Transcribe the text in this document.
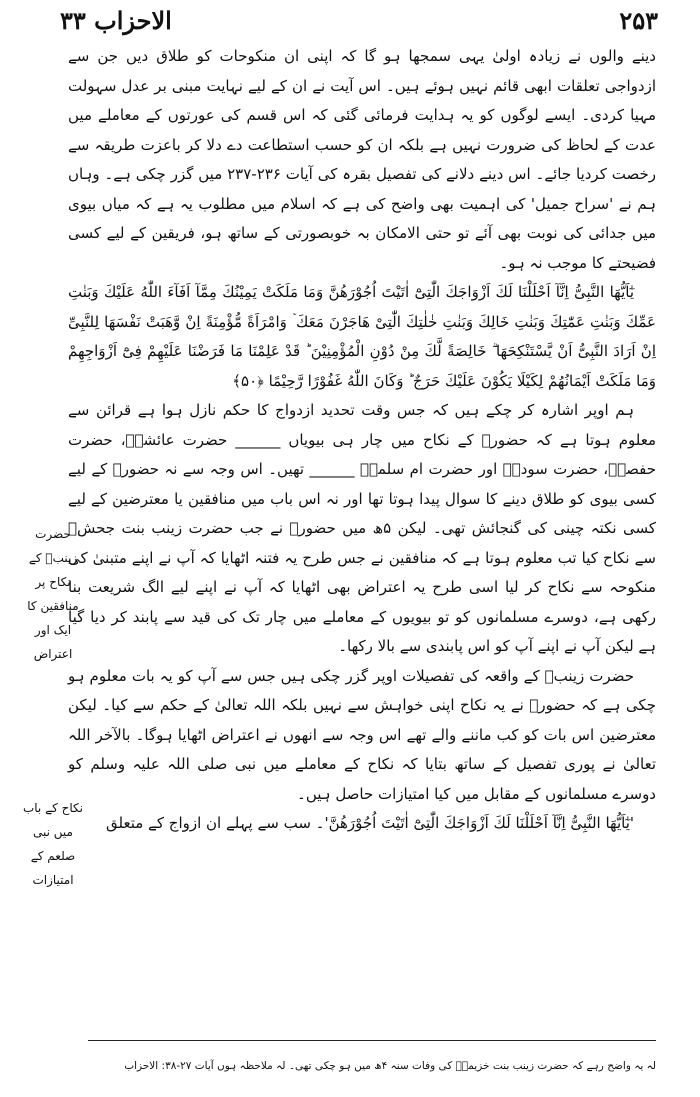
۲۵۳
الاحزاب ۳۳

دینے والوں نے زیادہ اولیٰ یہی سمجھا ہو گا کہ اپنی ان منکوحات کو طلاق دیں جن سے ازدواجی تعلقات ابھی قائم نہیں ہوئے ہیں۔ اس آیت نے ان کے لیے نہایت مبنی بر عدل سہولت مہیا کردی۔ ایسے لوگوں کو یہ ہدایت فرمائی گئی کہ اس قسم کی عورتوں کے معاملے میں عدت کے لحاظ کی ضرورت نہیں ہے بلکہ ان کو حسب استطاعت دے دلا کر باعزت طریقہ سے رخصت کردیا جائے۔ اس دینے دلانے کی تفصیل بقرہ کی آیات ۲۳۶-۲۳۷ میں گزر چکی ہے۔ وہاں ہم نے 'سراح جمیل' کی اہمیت بھی واضح کی ہے کہ اسلام میں مطلوب یہ ہے کہ میاں بیوی میں جدائی کی نوبت بھی آئے تو حتی الامکان بہ خوبصورتی کے ساتھ ہو، فریقین کے لیے کسی فضیحتے کا موجب نہ ہو۔

یٰٓاَیُّهَا النَّبِیُّ اِنَّآ اَحْلَلْنَا لَكَ اَزْوَاجَكَ الّٰتِیْٓ اٰتَیْتَ اُجُوْرَهُنَّ وَمَا مَلَكَتْ یَمِیْنُكَ مِمَّآ اَفَآءَ اللّٰهُ عَلَیْكَ وَبَنٰتِ عَمِّكَ وَبَنٰتِ عَمّٰتِكَ وَبَنٰتِ خَالِكَ وَبَنٰتِ خٰلٰتِكَ الّٰتِیْ هَاجَرْنَ مَعَكَ ۡ وَامْرَاَةً مُّؤْمِنَةً اِنْ وَّهَبَتْ نَفْسَهَا لِلنَّبِیِّ اِنْ اَرَادَ النَّبِیُّ اَنْ یَّسْتَنْكِحَهَا ۗ خَالِصَةً لَّكَ مِنْ دُوْنِ الْمُؤْمِنِیْنَ ؕ قَدْ عَلِمْنَا مَا فَرَضْنَا عَلَیْهِمْ فِیْٓ اَزْوَاجِهِمْ وَمَا مَلَكَتْ اَیْمَانُهُمْ لِكَیْلَا یَكُوْنَ عَلَیْكَ حَرَجٌ ؕ وَكَانَ اللّٰهُ غَفُوْرًا رَّحِیْمًا ﴿۵۰﴾

ہم اوپر اشارہ کر چکے ہیں کہ جس وقت تحدید ازدواج کا حکم نازل ہوا ہے قرائن سے معلوم ہوتا ہے کہ حضورؐ کے نکاح میں چار ہی بیویاں ______ حضرت عائشہؓ، حضرت حفصہؓ، حضرت سودہؓ اور حضرت ام سلمہؓ ______ تھیں۔ اس وجہ سے نہ حضورؐ کے لیے کسی بیوی کو طلاق دینے کا سوال پیدا ہوتا تھا اور نہ اس باب میں منافقین یا معترضین کے لیے کسی نکتہ چینی کی گنجائش تھی۔ لیکن ۵ھ میں حضورؐ نے جب حضرت زینب بنت جحشؓ سے نکاح کیا تب معلوم ہوتا ہے کہ منافقین نے جس طرح یہ فتنہ اٹھایا کہ آپ نے اپنے متبنیٰ کی منکوحہ سے نکاح کر لیا اسی طرح یہ اعتراض بھی اٹھایا کہ آپ نے اپنے لیے الگ شریعت بنا رکھی ہے، دوسرے مسلمانوں کو تو بیویوں کے معاملے میں چار تک کی قید سے پابند کر دیا گیا ہے لیکن آپ نے اپنے آپ کو اس پابندی سے بالا رکھا۔

حضرت زینبؓ کے واقعہ کی تفصیلات اوپر گزر چکی ہیں جس سے آپ کو یہ بات معلوم ہو چکی ہے کہ حضورؐ نے یہ نکاح اپنی خواہش سے نہیں بلکہ اللہ تعالیٰ کے حکم سے کیا۔ لیکن معترضین اس بات کو کب ماننے والے تھے اس وجہ سے انھوں نے اعتراض اٹھایا ہوگا۔ بالآخر اللہ تعالیٰ نے پوری تفصیل کے ساتھ بتایا کہ نکاح کے معاملے میں نبی صلی اللہ علیہ وسلم کو دوسرے مسلمانوں کے مقابل میں کیا امتیازات حاصل ہیں۔

'یٰٓاَیُّهَا النَّبِیُّ اِنَّآ اَحْلَلْنَا لَكَ اَزْوَاجَكَ الّٰتِیْٓ اٰتَیْتَ اُجُوْرَهُنَّ'۔ سب سے پہلے ان ازواج کے متعلق

حضرت زینبؓ کے نکاح پر منافقین کا ایک اور اعتراض
نکاح کے باب میں نبی صلعم کے امتیازات
لہ یہ واضح رہے کہ حضرت زینب بنت خزیمہؓ کی وفات سنہ ۴ھ میں ہو چکی تھی۔ لہ ملاحظہ ہوں آیات ۲۷-۳۸: الاحزاب
